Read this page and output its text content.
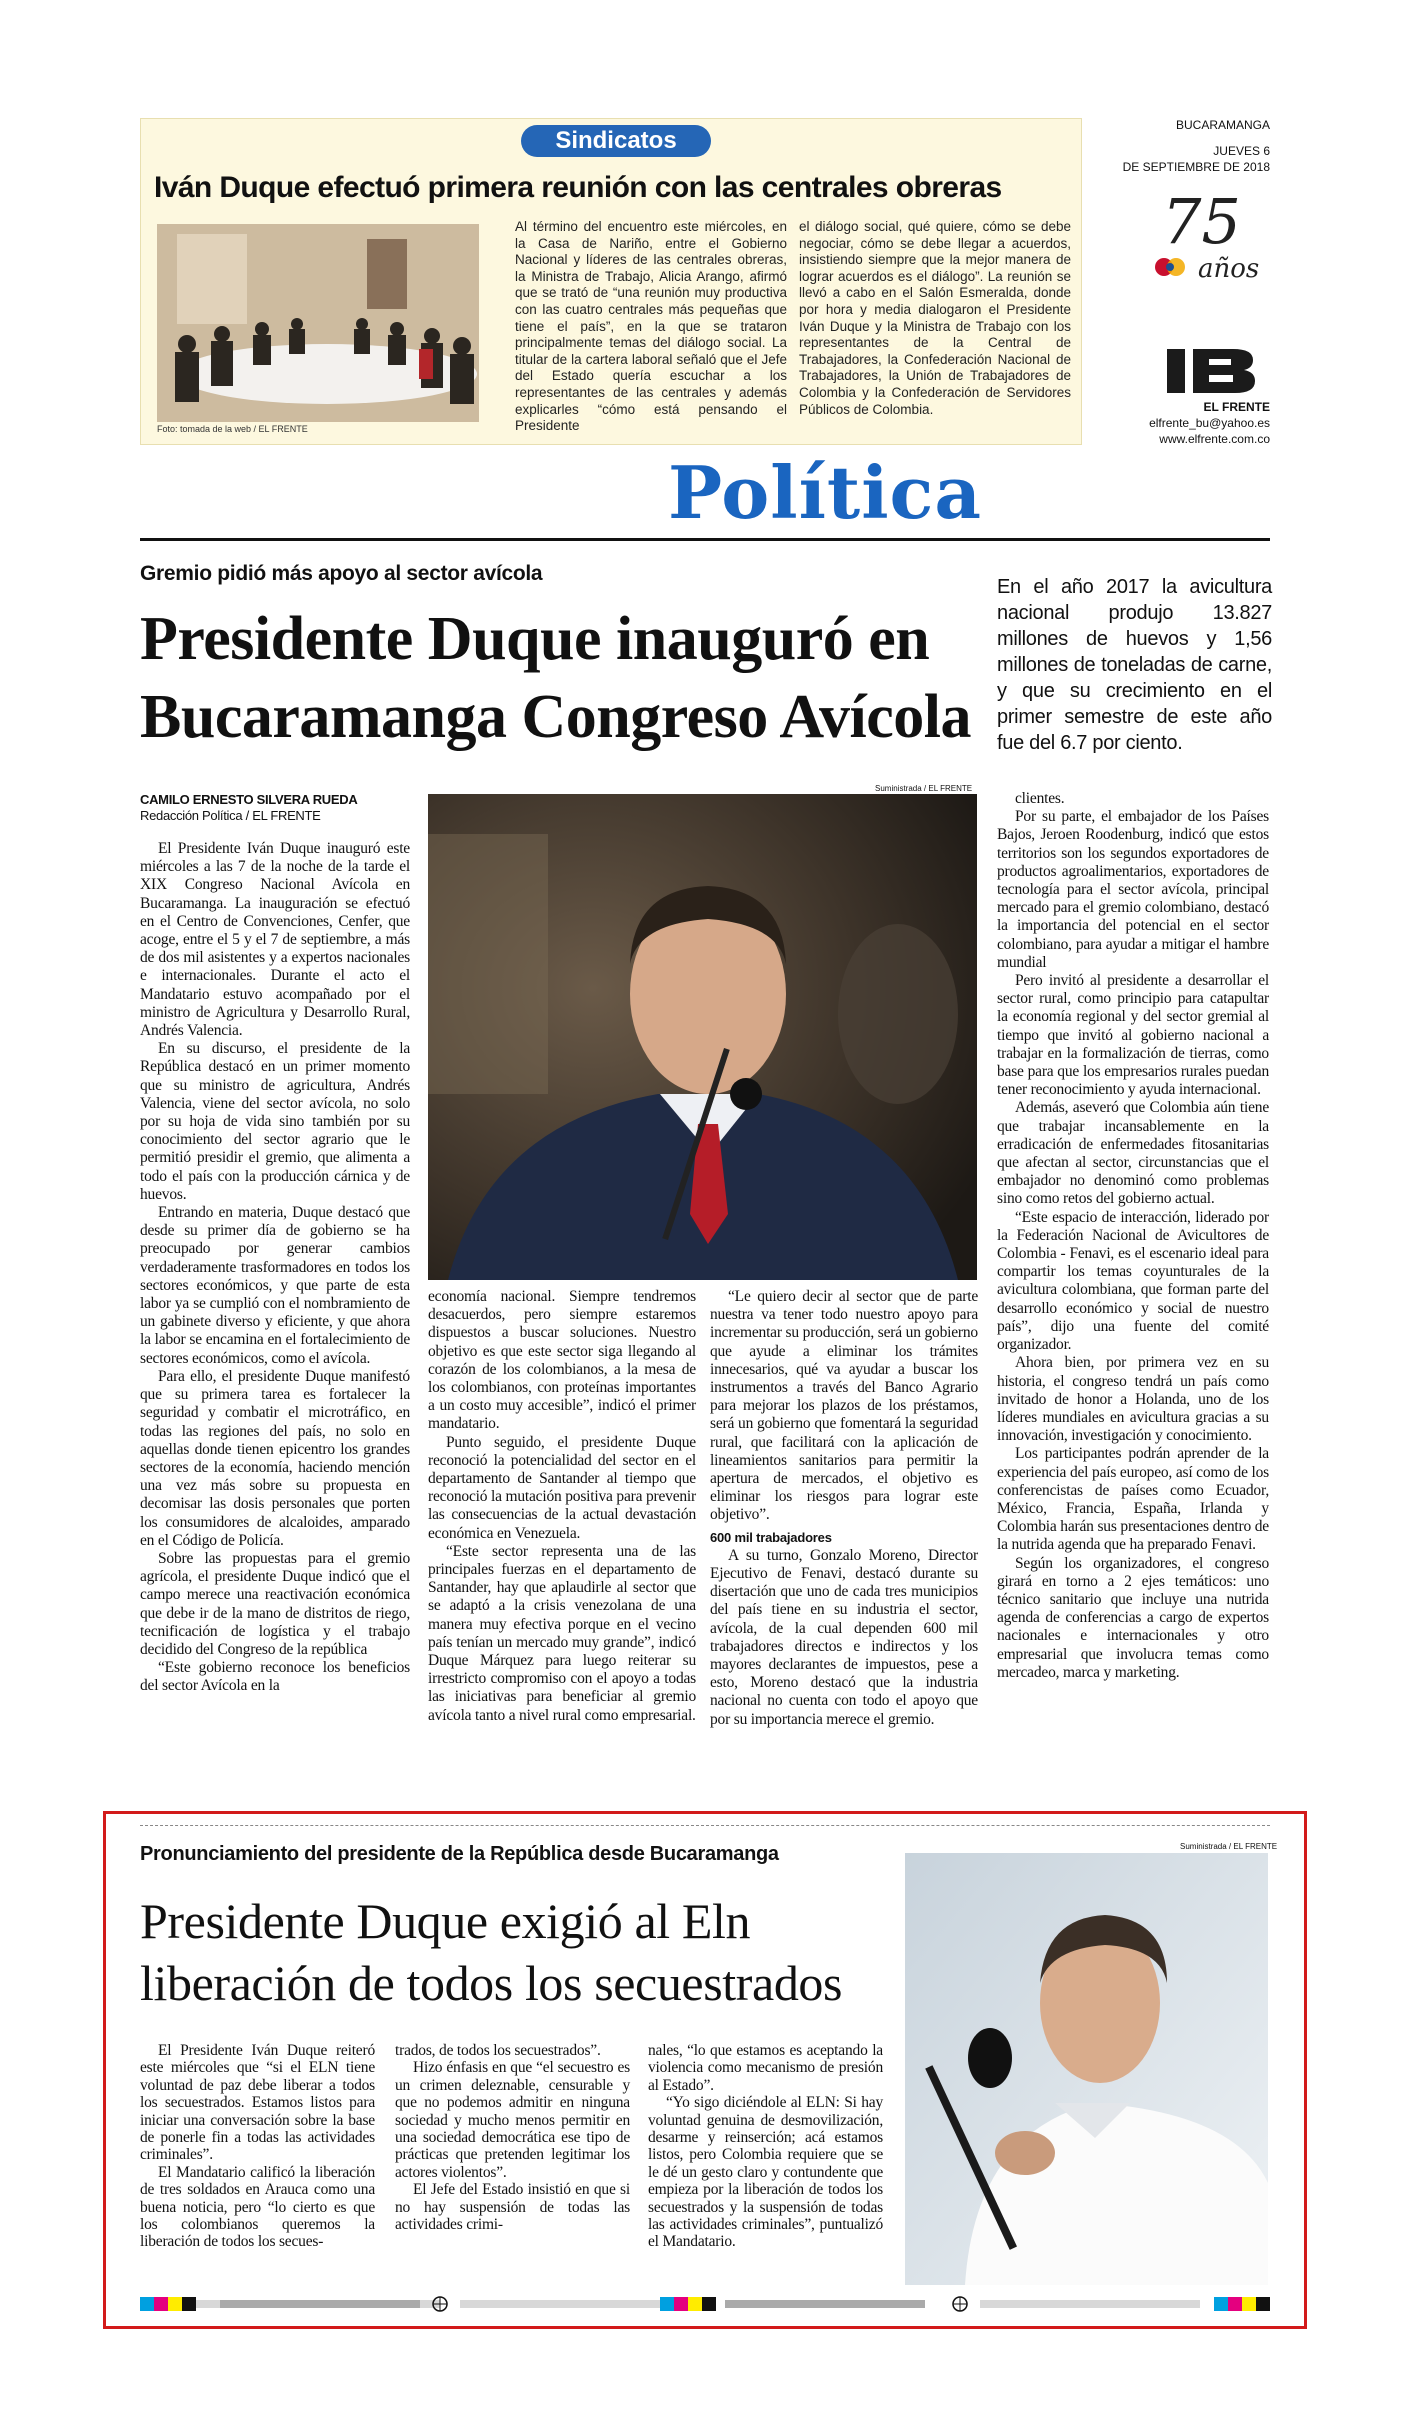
Sindicatos
Iván Duque efectuó primera reunión con las centrales obreras
Foto: tomada de la web / EL FRENTE
Al término del encuentro este miércoles, en la Casa de Nariño, entre el Gobierno Nacional y líderes de las centrales obreras, la Ministra de Trabajo, Alicia Arango, afirmó que se trató de “una reunión muy productiva con las cuatro centrales más pequeñas que tiene el país”, en la que se trataron principalmente temas del diálogo social. La titular de la cartera laboral señaló que el Jefe del Estado quería escuchar a los representantes de las centrales y además explicarles “cómo está pensando el Presidente
el diálogo social, qué quiere, cómo se debe negociar, cómo se debe llegar a acuerdos, insistiendo siempre que la mejor manera de lograr acuerdos es el diálogo”. La reunión se llevó a cabo en el Salón Esmeralda, donde por hora y media dialogaron el Presidente Iván Duque y la Ministra de Trabajo con los representantes de la Central de Trabajadores, la Confederación Nacional de Trabajadores, la Unión de Trabajadores de Colombia y la Confederación de Servidores Públicos de Colombia.
BUCARAMANGA
JUEVES 6
DE SEPTIEMBRE DE 2018
75
años
EL FRENTE
elfrente_bu@yahoo.es
www.elfrente.com.co
Política
Gremio pidió más apoyo al sector avícola
Presidente Duque inauguró en
Bucaramanga Congreso Avícola
En el año 2017 la avicultura nacional produjo 13.827 millones de huevos y 1,56 millones de toneladas de carne, y que su crecimiento en el primer semestre de este año fue del 6.7 por ciento.
CAMILO ERNESTO SILVERA RUEDA
Redacción Política / EL FRENTE
Suministrada / EL FRENTE

El Presidente Iván Duque inauguró este miércoles a las 7 de la noche de la tarde el XIX Congreso Nacional Avícola en Bucaramanga. La inauguración se efectuó en el Centro de Convenciones, Cenfer, que acoge, entre el 5 y el 7 de septiembre, a más de dos mil asistentes y a expertos nacionales e internacionales. Durante el acto el Mandatario estuvo acompañado por el ministro de Agricultura y Desarrollo Rural, Andrés Valencia.

En su discurso, el presidente de la República destacó en un primer momento que su ministro de agricultura, Andrés Valencia, viene del sector avícola, no solo por su hoja de vida sino también por su conocimiento del sector agrario que le permitió presidir el gremio, que alimenta a todo el país con la producción cárnica y de huevos.

Entrando en materia, Duque destacó que desde su primer día de gobierno se ha preocupado por generar cambios verdaderamente trasformadores en todos los sectores económicos, y que parte de esta labor ya se cumplió con el nombramiento de un gabinete diverso y eficiente, y que ahora la labor se encamina en el fortalecimiento de sectores económicos, como el avícola.

Para ello, el presidente Duque manifestó que su primera tarea es fortalecer la seguridad y combatir el microtráfico, en todas las regiones del país, no solo en aquellas donde tienen epicentro los grandes sectores de la economía, haciendo mención una vez más sobre su propuesta en decomisar las dosis personales que porten los consumidores de alcaloides, amparado en el Código de Policía.

Sobre las propuestas para el gremio agrícola, el presidente Duque indicó que el campo merece una reactivación económica que debe ir de la mano de distritos de riego, tecnificación de logística y el trabajo decidido del Congreso de la república

“Este gobierno reconoce los beneficios del sector Avícola en la

economía nacional. Siempre tendremos desacuerdos, pero siempre estaremos dispuestos a buscar soluciones. Nuestro objetivo es que este sector siga llegando al corazón de los colombianos, a la mesa de los colombianos, con proteínas importantes a un costo muy accesible”, indicó el primer mandatario.

Punto seguido, el presidente Duque reconoció la potencialidad del sector en el departamento de Santander al tiempo que reconoció la mutación positiva para prevenir las consecuencias de la actual devastación económica en Venezuela.

“Este sector representa una de las principales fuerzas en el departamento de Santander, hay que aplaudirle al sector que se adaptó a la crisis venezolana de una manera muy efectiva porque en el vecino país tenían un mercado muy grande”, indicó Duque Márquez para luego reiterar su irrestricto compromiso con el apoyo a todas las iniciativas para beneficiar al gremio avícola tanto a nivel rural como empresarial.

“Le quiero decir al sector que de parte nuestra va tener todo nuestro apoyo para incrementar su producción, será un gobierno que ayude a eliminar los trámites innecesarios, qué va ayudar a buscar los instrumentos a través del Banco Agrario para mejorar los plazos de los préstamos, será un gobierno que fomentará la seguridad rural, que facilitará con la aplicación de lineamientos sanitarios para permitir la apertura de mercados, el objetivo es eliminar los riesgos para lograr este objetivo”.

600 mil trabajadores

A su turno, Gonzalo Moreno, Director Ejecutivo de Fenavi, destacó durante su disertación que uno de cada tres municipios del país tiene en su industria el sector, avícola, de la cual dependen 600 mil trabajadores directos e indirectos y los mayores declarantes de impuestos, pese a esto, Moreno destacó que la industria nacional no cuenta con todo el apoyo que por su importancia merece el gremio.

clientes.

Por su parte, el embajador de los Países Bajos, Jeroen Roodenburg, indicó que estos territorios son los segundos exportadores de productos agroalimentarios, exportadores de tecnología para el sector avícola, principal mercado para el gremio colombiano, destacó la importancia del potencial en el sector colombiano, para ayudar a mitigar el hambre mundial

Pero invitó al presidente a desarrollar el sector rural, como principio para catapultar la economía regional y del sector gremial al tiempo que invitó al gobierno nacional a trabajar en la formalización de tierras, como base para que los empresarios rurales puedan tener reconocimiento y ayuda internacional.

Además, aseveró que Colombia aún tiene que trabajar incansablemente en la erradicación de enfermedades fitosanitarias que afectan al sector, circunstancias que el embajador no denominó como problemas sino como retos del gobierno actual.

“Este espacio de interacción, liderado por la Federación Nacional de Avicultores de Colombia - Fenavi, es el escenario ideal para compartir los temas coyunturales de la avicultura colombiana, que forman parte del desarrollo económico y social de nuestro país”, dijo una fuente del comité organizador.

Ahora bien, por primera vez en su historia, el congreso tendrá un país como invitado de honor a Holanda, uno de los líderes mundiales en avicultura gracias a su innovación, investigación y conocimiento.

Los participantes podrán aprender de la experiencia del país europeo, así como de los conferencistas de países como Ecuador, México, Francia, España, Irlanda y Colombia harán sus presentaciones dentro de la nutrida agenda que ha preparado Fenavi.

Según los organizadores, el congreso girará en torno a 2 ejes temáticos: uno técnico sanitario que incluye una nutrida agenda de conferencias a cargo de expertos nacionales e internacionales y otro empresarial que involucra temas como mercadeo, marca y marketing.

Pronunciamiento del presidente de la República desde Bucaramanga
Presidente Duque exigió al Eln
liberación de todos los secuestrados
Suministrada / EL FRENTE

El Presidente Iván Duque reiteró este miércoles que “si el ELN tiene voluntad de paz debe liberar a todos los secuestrados. Estamos listos para iniciar una conversación sobre la base de ponerle fin a todas las actividades criminales”.

El Mandatario calificó la liberación de tres soldados en Arauca como una buena noticia, pero “lo cierto es que los colombianos queremos la liberación de todos los secues-

trados, de todos los secuestrados”.

Hizo énfasis en que “el secuestro es un crimen deleznable, censurable y que no podemos admitir en ninguna sociedad y mucho menos permitir en una sociedad democrática ese tipo de prácticas que pretenden legitimar los actores violentos”.

El Jefe del Estado insistió en que si no hay suspensión de todas las actividades crimi-

nales, “lo que estamos es aceptando la violencia como mecanismo de presión al Estado”.

“Yo sigo diciéndole al ELN: Si hay voluntad genuina de desmovilización, desarme y reinserción; acá estamos listos, pero Colombia requiere que se le dé un gesto claro y contundente que empieza por la liberación de todos los secuestrados y la suspensión de todas las actividades criminales”, puntualizó el Mandatario.
